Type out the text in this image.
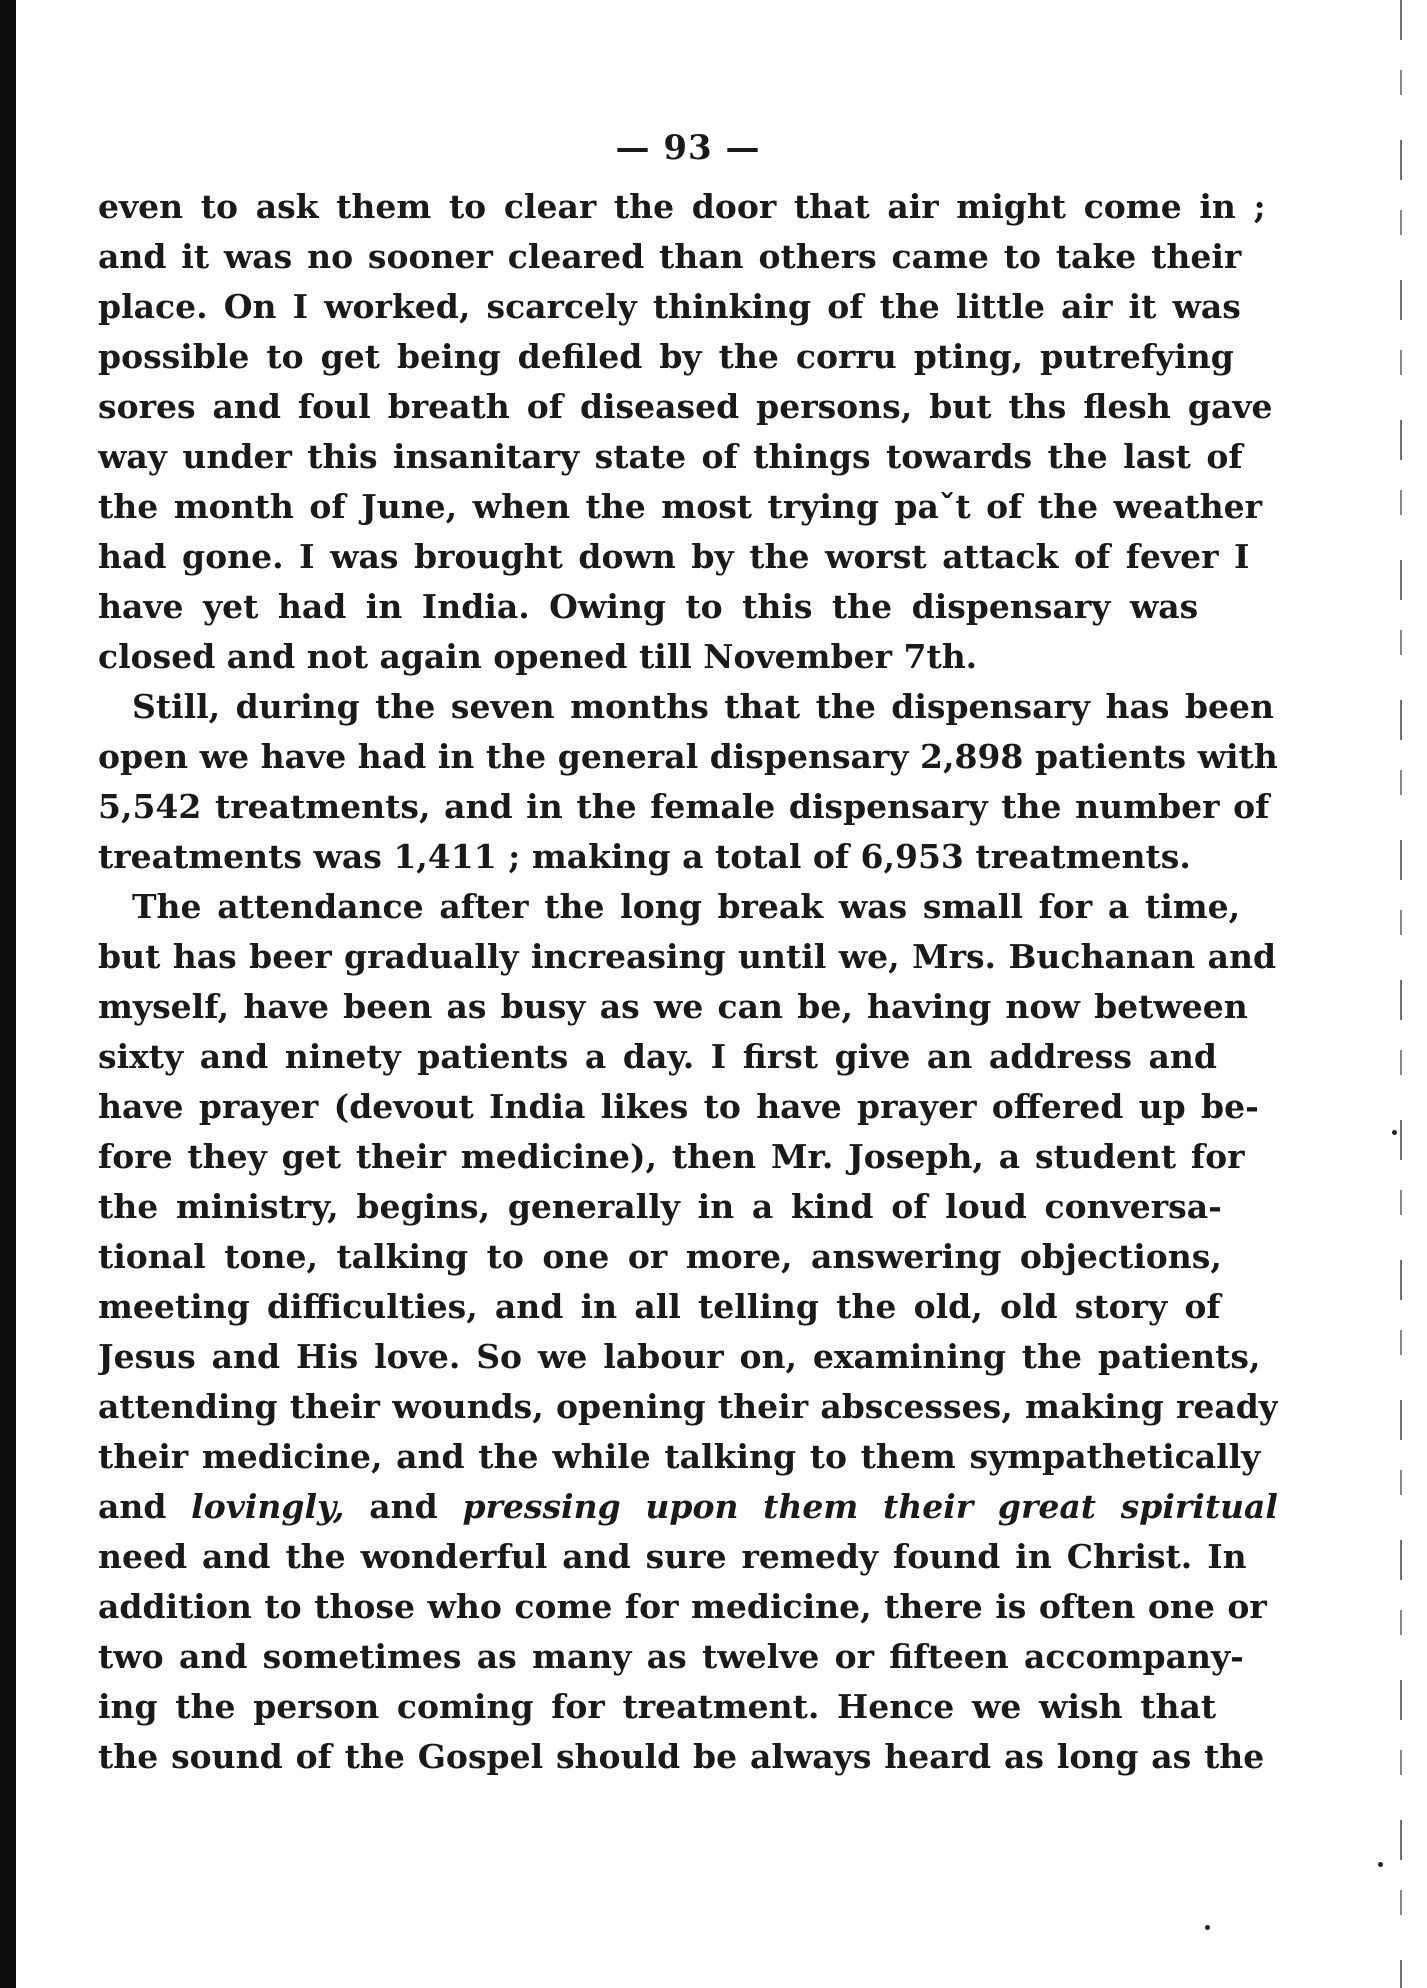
— 93 —
even to ask them to clear the door that air might come in ;
and it was no sooner cleared than others came to take their
place. On I worked, scarcely thinking of the little air it was
possible to get being defiled by the corru pting, putrefying
sores and foul breath of diseased persons, but ths flesh gave
way under this insanitary state of things towards the last of
the month of June, when the most trying paˇt of the weather
had gone. I was brought down by the worst attack of fever I
have yet had in India. Owing to this the dispensary was
closed and not again opened till November 7th.
Still, during the seven months that the dispensary has been
open we have had in the general dispensary 2,898 patients with
5,542 treatments, and in the female dispensary the number of
treatments was 1,411 ; making a total of 6,953 treatments.
The attendance after the long break was small for a time,
but has beer gradually increasing until we, Mrs. Buchanan and
myself, have been as busy as we can be, having now between
sixty and ninety patients a day. I first give an address and
have prayer (devout India likes to have prayer offered up be-
fore they get their medicine), then Mr. Joseph, a student for
the ministry, begins, generally in a kind of loud conversa-
tional tone, talking to one or more, answering objections,
meeting difficulties, and in all telling the old, old story of
Jesus and His love. So we labour on, examining the patients,
attending their wounds, opening their abscesses, making ready
their medicine, and the while talking to them sympathetically
and lovingly, and pressing upon them their great spiritual
need and the wonderful and sure remedy found in Christ. In
addition to those who come for medicine, there is often one or
two and sometimes as many as twelve or fifteen accompany-
ing the person coming for treatment. Hence we wish that
the sound of the Gospel should be always heard as long as the
